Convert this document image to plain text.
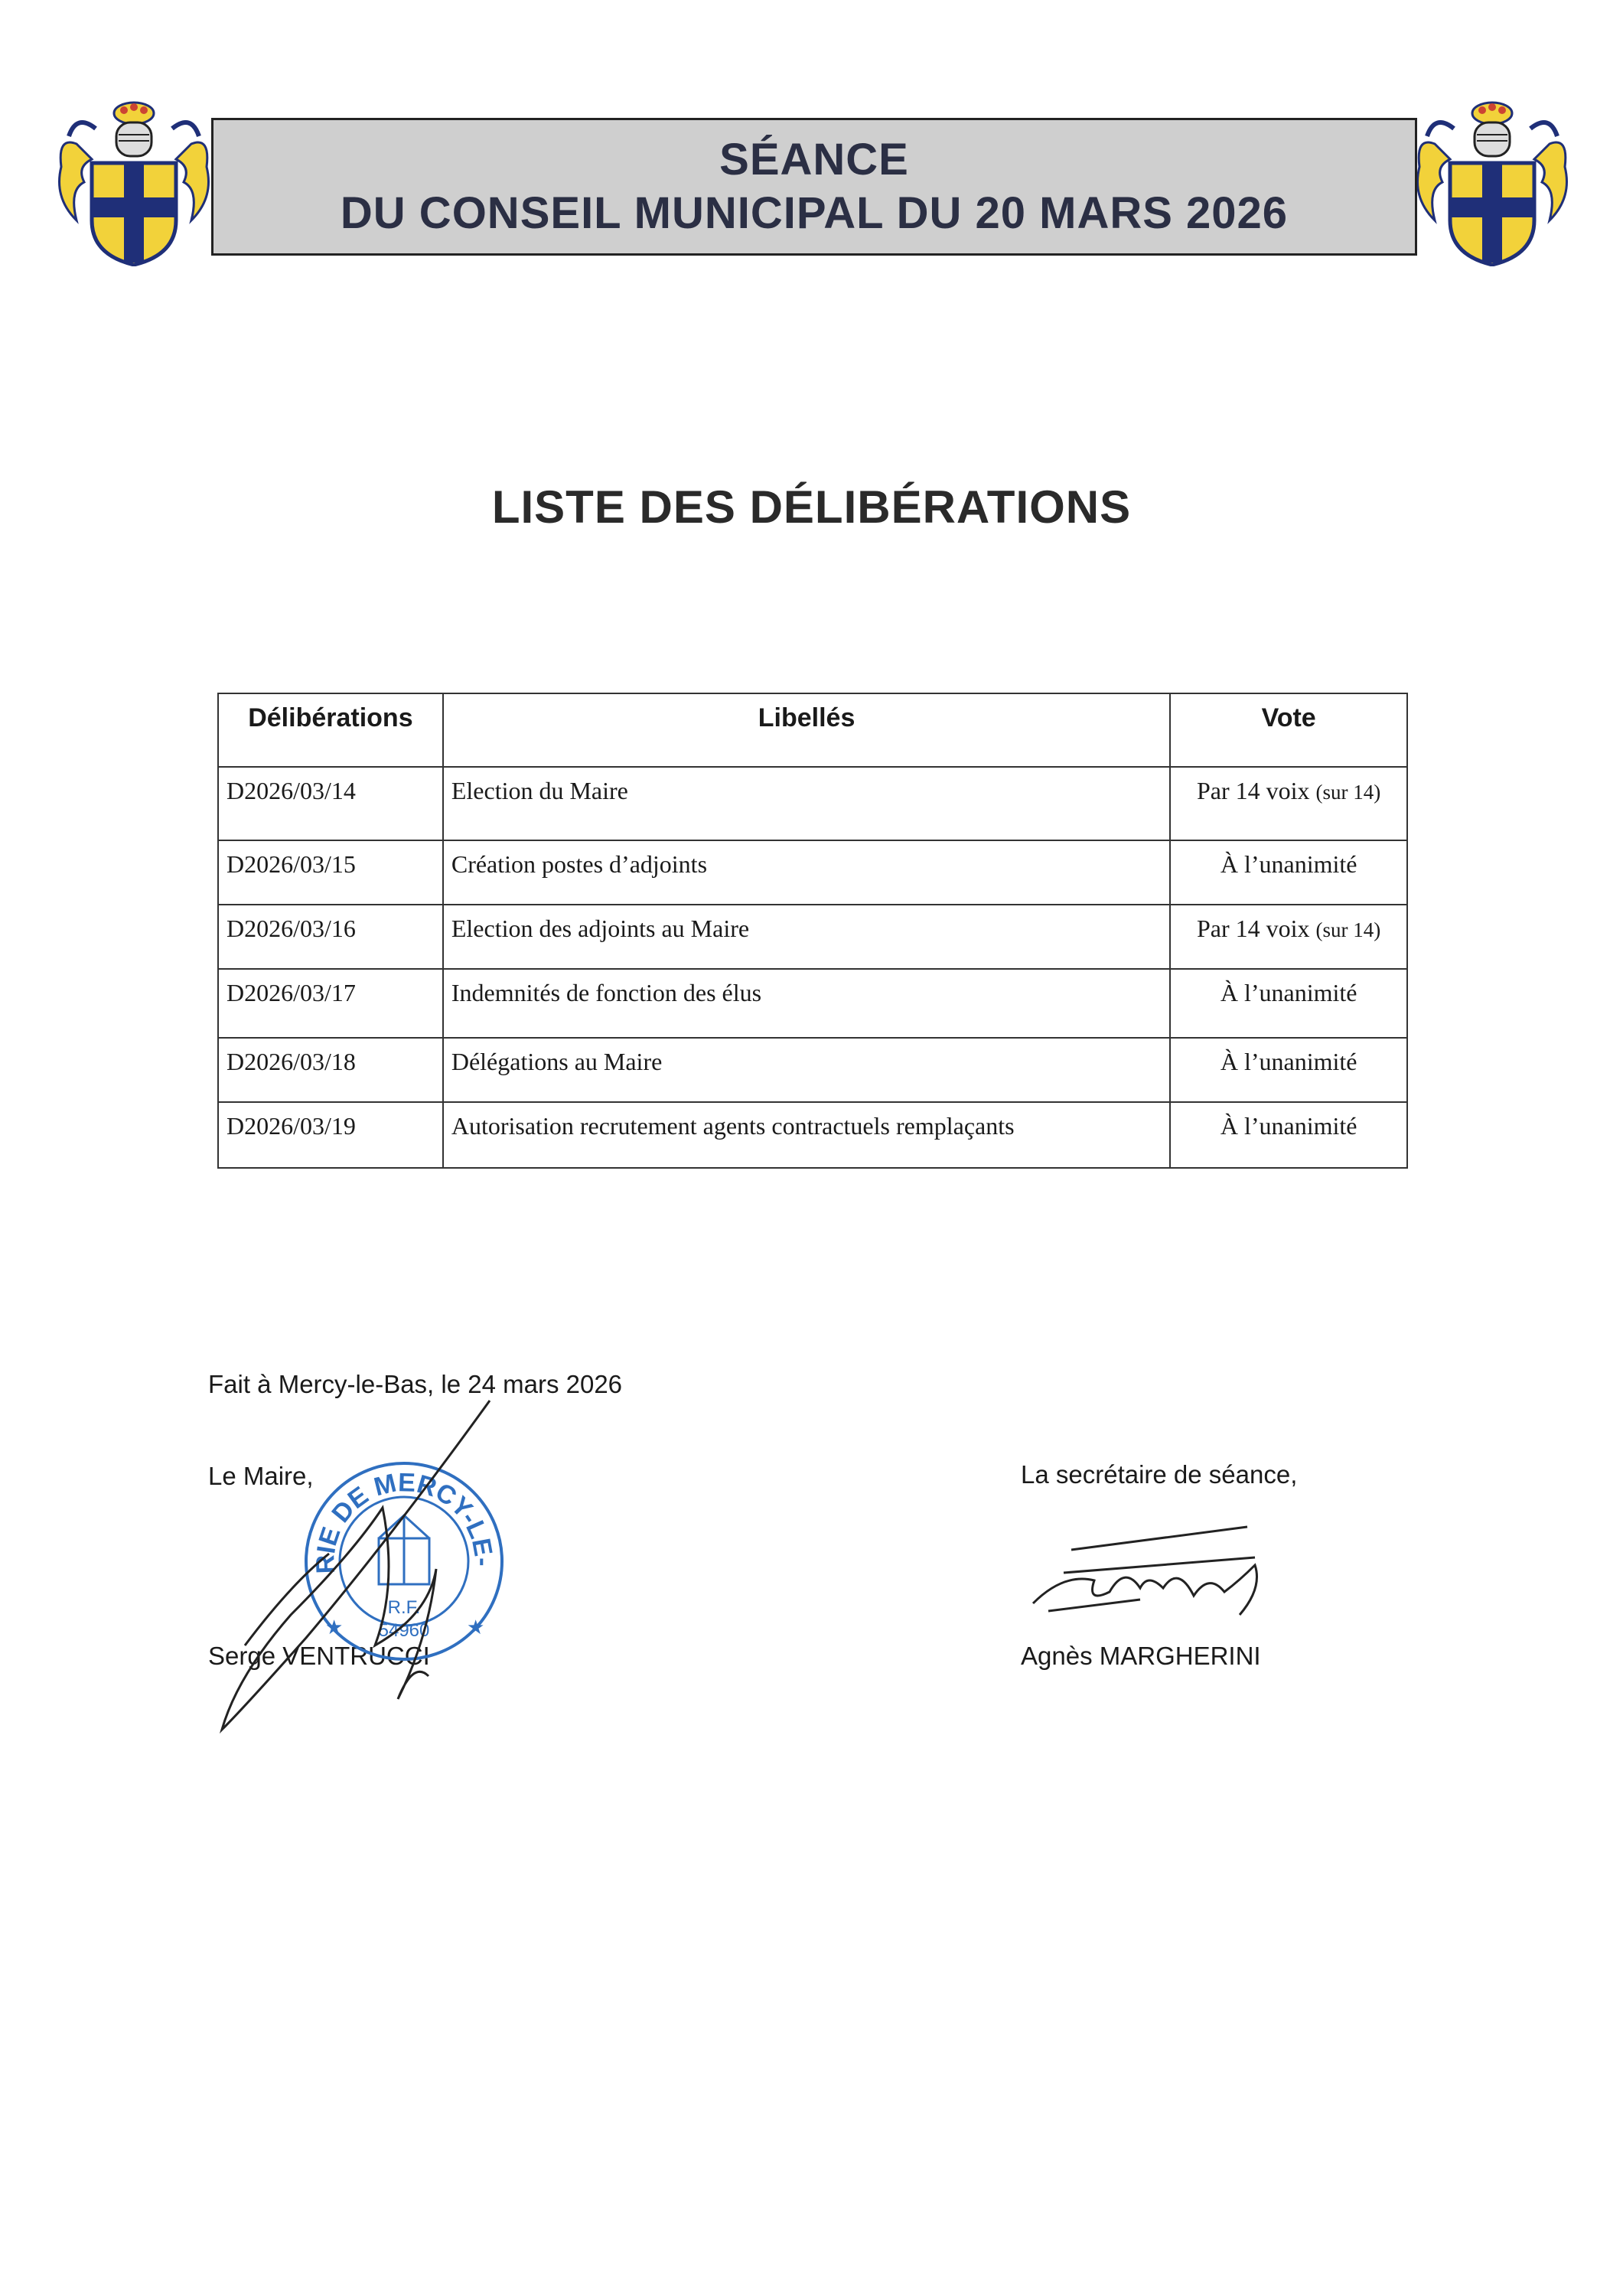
SÉANCE
DU CONSEIL MUNICIPAL DU 20 MARS 2026
LISTE DES DÉLIBÉRATIONS
Délibérations	Libellés	Vote
D2026/03/14	Election du Maire	Par 14 voix (sur 14)
D2026/03/15	Création postes d’adjoints	À l’unanimité
D2026/03/16	Election des adjoints au Maire	Par 14 voix (sur 14)
D2026/03/17	Indemnités de fonction des élus	À l’unanimité
D2026/03/18	Délégations au Maire	À l’unanimité
D2026/03/19	Autorisation recrutement agents contractuels remplaçants	À l’unanimité
Fait à Mercy-le-Bas, le 24 mars 2026
Le Maire,
Serge VENTRUCCI
La secrétaire de séance,
Agnès MARGHERINI
RIE DE MERCY-LE-
R.F.
54960
★	★
